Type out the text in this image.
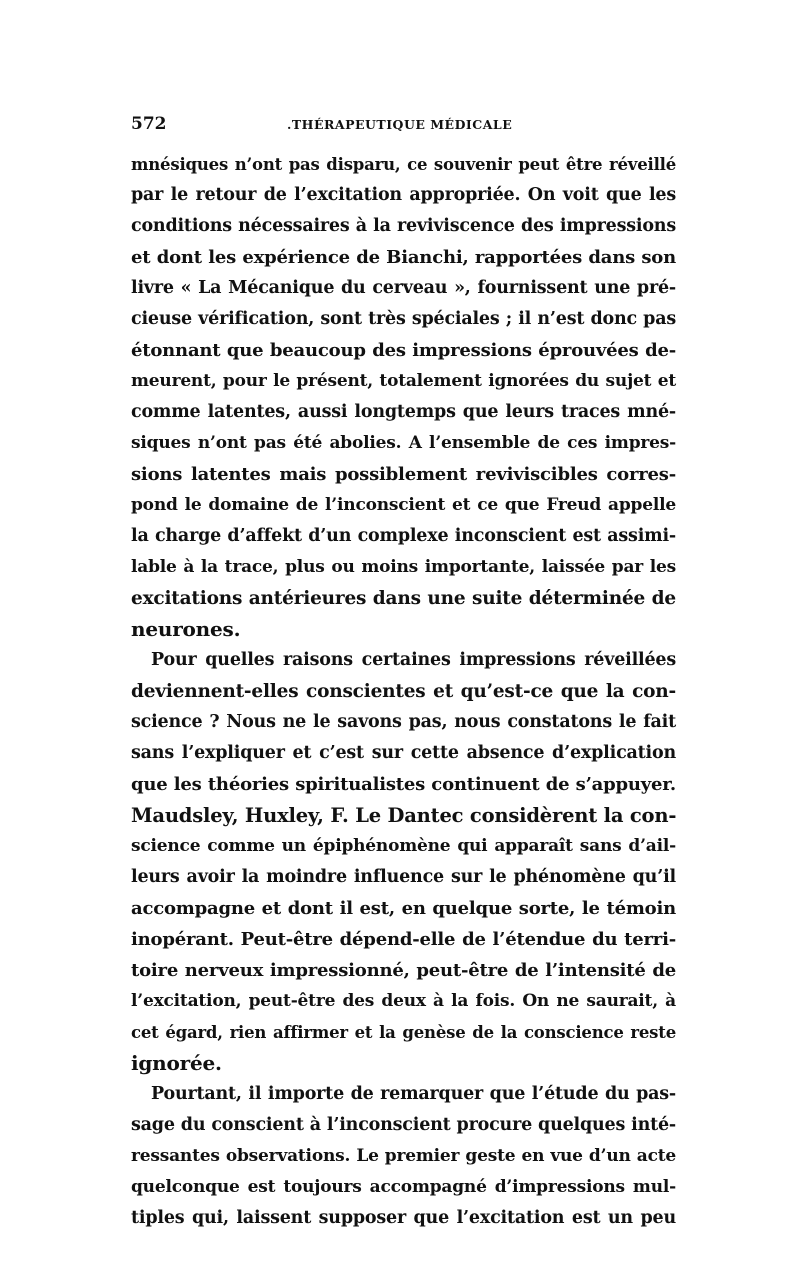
572	.THÉRAPEUTIQUE MÉDICALE
mnésiques n’ont pas disparu, ce souvenir peut être réveillé
par le retour de l’excitation appropriée. On voit que les
conditions nécessaires à la reviviscence des impressions
et dont les expérience de Bianchi, rapportées dans son
livre « La Mécanique du cerveau », fournissent une pré-
cieuse vérification, sont très spéciales ; il n’est donc pas
étonnant que beaucoup des impressions éprouvées de-
meurent, pour le présent, totalement ignorées du sujet et
comme latentes, aussi longtemps que leurs traces mné-
siques n’ont pas été abolies. A l’ensemble de ces impres-
sions latentes mais possiblement reviviscibles corres-
pond le domaine de l’inconscient et ce que Freud appelle
la charge d’affekt d’un complexe inconscient est assimi-
lable à la trace, plus ou moins importante, laissée par les
excitations antérieures dans une suite déterminée de
neurones.
Pour quelles raisons certaines impressions réveillées
deviennent-elles conscientes et qu’est-ce que la con-
science ? Nous ne le savons pas, nous constatons le fait
sans l’expliquer et c’est sur cette absence d’explication
que les théories spiritualistes continuent de s’appuyer.
Maudsley, Huxley, F. Le Dantec considèrent la con-
science comme un épiphénomène qui apparaît sans d’ail-
leurs avoir la moindre influence sur le phénomène qu’il
accompagne et dont il est, en quelque sorte, le témoin
inopérant. Peut-être dépend-elle de l’étendue du terri-
toire nerveux impressionné, peut-être de l’intensité de
l’excitation, peut-être des deux à la fois. On ne saurait, à
cet égard, rien affirmer et la genèse de la conscience reste
ignorée.
Pourtant, il importe de remarquer que l’étude du pas-
sage du conscient à l’inconscient procure quelques inté-
ressantes observations. Le premier geste en vue d’un acte
quelconque est toujours accompagné d’impressions mul-
tiples qui, laissent supposer que l’excitation est un peu
